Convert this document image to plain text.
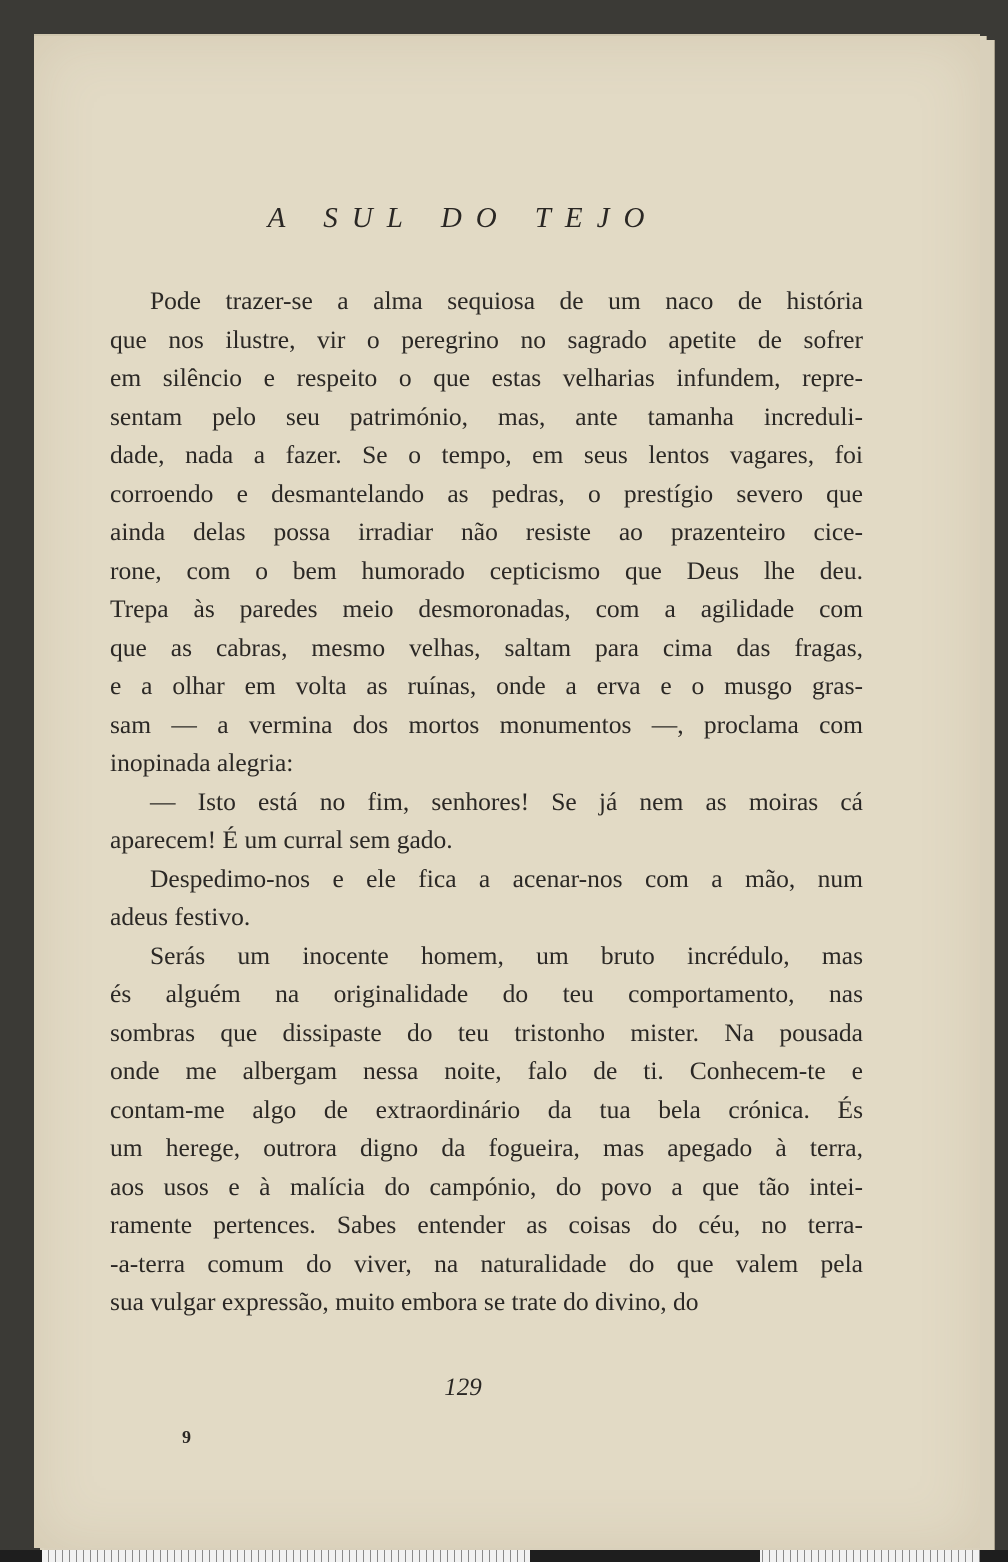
A SUL DO TEJO

Pode trazer-se a alma sequiosa de um naco de história
que nos ilustre, vir o peregrino no sagrado apetite de sofrer
em silêncio e respeito o que estas velharias infundem, repre-
sentam pelo seu património, mas, ante tamanha increduli-
dade, nada a fazer. Se o tempo, em seus lentos vagares, foi
corroendo e desmantelando as pedras, o prestígio severo que
ainda delas possa irradiar não resiste ao prazenteiro cice-
rone, com o bem humorado cepticismo que Deus lhe deu.
Trepa às paredes meio desmoronadas, com a agilidade com
que as cabras, mesmo velhas, saltam para cima das fragas,
e a olhar em volta as ruínas, onde a erva e o musgo gras-
sam — a vermina dos mortos monumentos —, proclama com
inopinada alegria:

— Isto está no fim, senhores! Se já nem as moiras cá
aparecem! É um curral sem gado.

Despedimo-nos e ele fica a acenar-nos com a mão, num
adeus festivo.

Serás um inocente homem, um bruto incrédulo, mas
és alguém na originalidade do teu comportamento, nas
sombras que dissipaste do teu tristonho mister. Na pousada
onde me albergam nessa noite, falo de ti. Conhecem-te e
contam-me algo de extraordinário da tua bela crónica. És
um herege, outrora digno da fogueira, mas apegado à terra,
aos usos e à malícia do campónio, do povo a que tão intei-
ramente pertences. Sabes entender as coisas do céu, no terra-
-a-terra comum do viver, na naturalidade do que valem pela
sua vulgar expressão, muito embora se trate do divino, do

129
9
